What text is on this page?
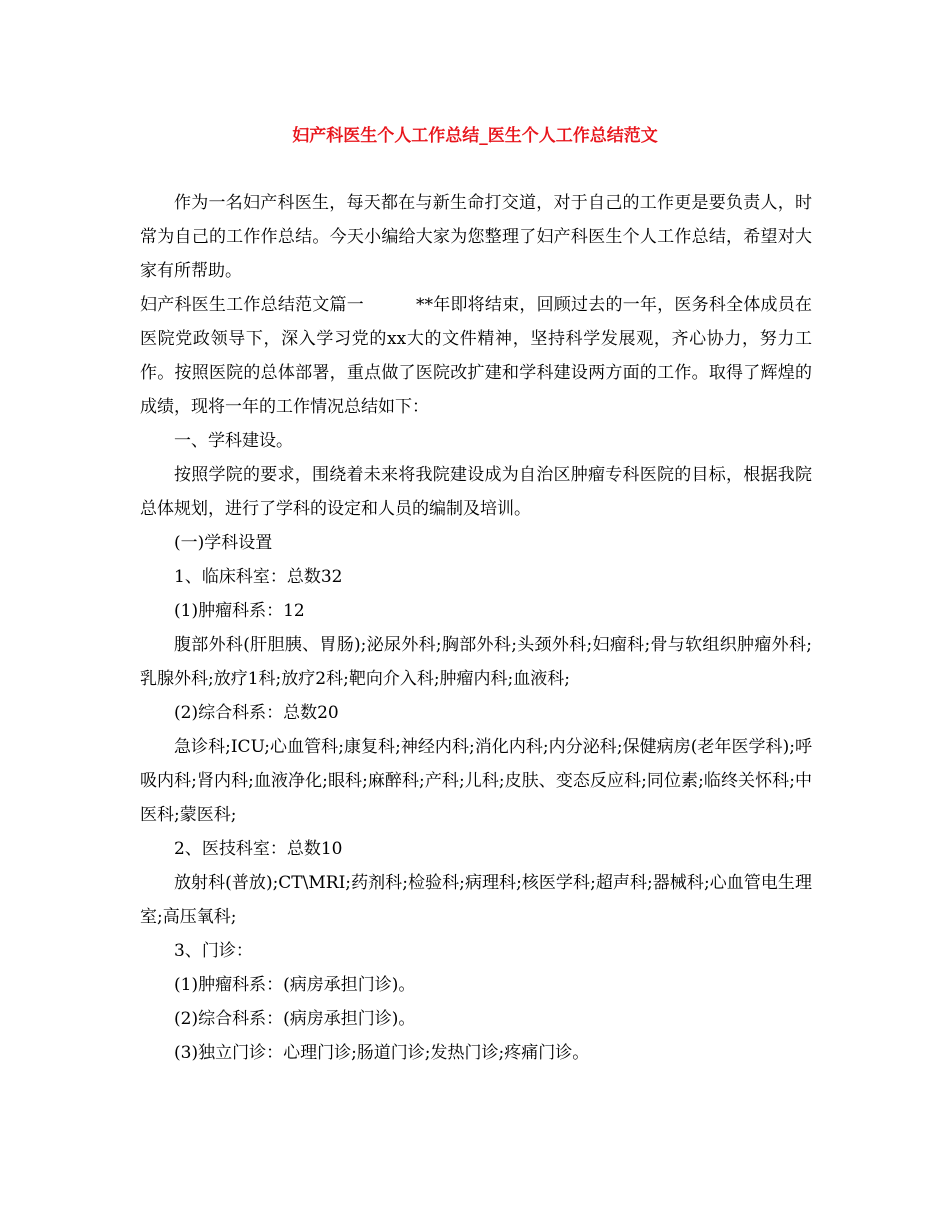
妇产科医生个人工作总结_医生个人工作总结范文

作为一名妇产科医生，每天都在与新生命打交道，对于自己的工作更是要负责人，时常为自己的工作作总结。今天小编给大家为您整理了妇产科医生个人工作总结，希望对大家有所帮助。

妇产科医生工作总结范文篇一	**年即将结束，回顾过去的一年，医务科全体成员在医院党政领导下，深入学习党的xx大的文件精神，坚持科学发展观，齐心协力，努力工作。按照医院的总体部署，重点做了医院改扩建和学科建设两方面的工作。取得了辉煌的成绩，现将一年的工作情况总结如下：

一、学科建设。

按照学院的要求，围绕着未来将我院建设成为自治区肿瘤专科医院的目标，根据我院总体规划，进行了学科的设定和人员的编制及培训。

(一)学科设置

1、临床科室：总数32

(1)肿瘤科系：12

腹部外科(肝胆胰、胃肠);泌尿外科;胸部外科;头颈外科;妇瘤科;骨与软组织肿瘤外科;乳腺外科;放疗1科;放疗2科;靶向介入科;肿瘤内科;血液科;

(2)综合科系：总数20

急诊科;ICU;心血管科;康复科;神经内科;消化内科;内分泌科;保健病房(老年医学科);呼吸内科;肾内科;血液净化;眼科;麻醉科;产科;儿科;皮肤、变态反应科;同位素;临终关怀科;中医科;蒙医科;

2、医技科室：总数10

放射科(普放);CT\MRI;药剂科;检验科;病理科;核医学科;超声科;器械科;心血管电生理室;高压氧科;

3、门诊：

(1)肿瘤科系：(病房承担门诊)。

(2)综合科系：(病房承担门诊)。

(3)独立门诊：心理门诊;肠道门诊;发热门诊;疼痛门诊。
